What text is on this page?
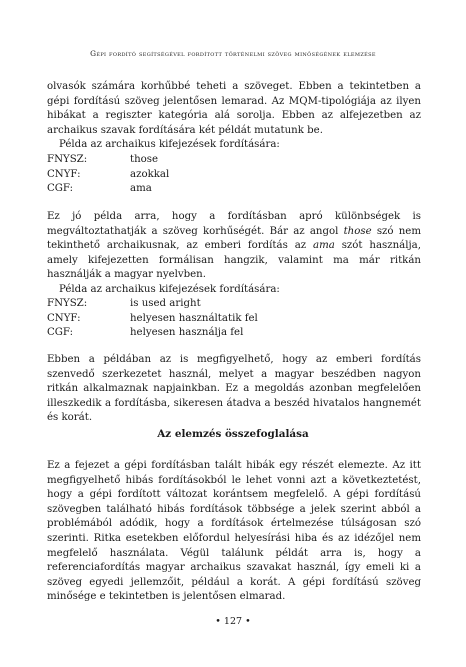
Gépi fordító segítségével fordított történelmi szöveg minőségének elemzése

olvasók számára korhűbbé teheti a szöveget. Ebben a tekintetben a gépi fordítású szöveg jelentősen lemarad. Az MQM-tipológiája az ilyen hibákat a regiszter kategória alá sorolja. Ebben az alfejezetben az archaikus szavak fordítására két példát mutatunk be.

Példa az archaikus kifejezések fordítására:

FNYSZ:	those
CNYF:	azokkal
CGF:	ama

Ez jó példa arra, hogy a fordításban apró különbségek is megváltoztathatják a szöveg korhűségét. Bár az angol those szó nem tekinthető archaikusnak, az emberi fordítás az ama szót használja, amely kifejezetten formálisan hangzik, valamint ma már ritkán használják a magyar nyelvben.

Példa az archaikus kifejezések fordítására:

FNYSZ:	is used aright
CNYF:	helyesen használtatik fel
CGF:	helyesen használja fel

Ebben a példában az is megfigyelhető, hogy az emberi fordítás szenvedő szerkezetet használ, melyet a magyar beszédben nagyon ritkán alkalmaznak napjainkban. Ez a megoldás azonban megfelelően illeszkedik a fordításba, sikeresen átadva a beszéd hivatalos hangnemét és korát.

Az elemzés összefoglalása

Ez a fejezet a gépi fordításban talált hibák egy részét elemezte. Az itt megfigyelhető hibás fordításokból le lehet vonni azt a következtetést, hogy a gépi fordított változat korántsem megfelelő. A gépi fordítású szövegben található hibás fordítások többsége a jelek szerint abból a problémából adódik, hogy a fordítások értelmezése túlságosan szó szerinti. Ritka esetekben előfordul helyesírási hiba és az idézőjel nem megfelelő használata. Végül találunk példát arra is, hogy a referenciafordítás magyar archaikus szavakat használ, így emeli ki a szöveg egyedi jellemzőit, például a korát. A gépi fordítású szöveg minősége e tekintetben is jelentősen elmarad.

• 127 •
